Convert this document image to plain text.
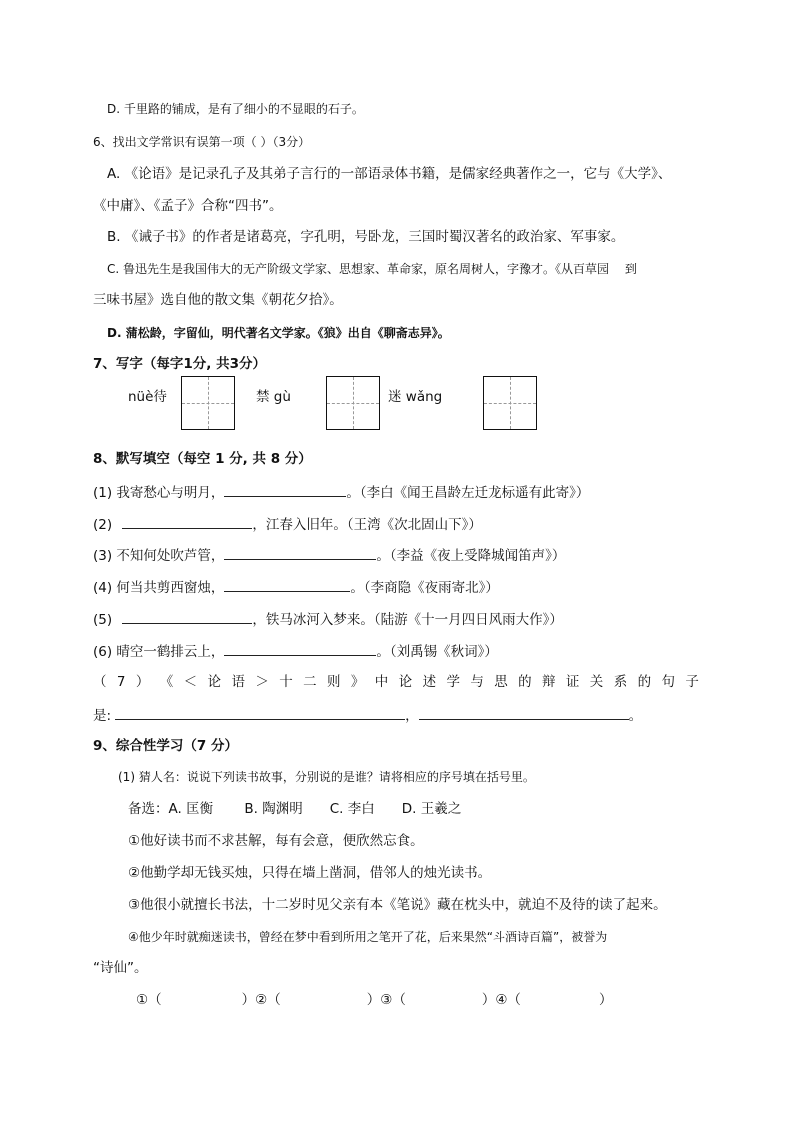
D. 千里路的铺成，是有了细小的不显眼的石子。
6、找出文学常识有误第一项（ ）（3分）
A. 《论语》是记录孔子及其弟子言行的一部语录体书籍，是儒家经典著作之一，它与《大学》、
《中庸》、《孟子》合称“四书”。
B. 《诫子书》的作者是诸葛亮，字孔明，号卧龙，三国时蜀汉著名的政治家、军事家。
C. 鲁迅先生是我国伟大的无产阶级文学家、思想家、革命家，原名周树人，字豫才。《从百草园　 到
三味书屋》选自他的散文集《朝花夕拾》。
D. 蒲松龄，字留仙，明代著名文学家。《狼》出自《聊斋志异》。
7、写字（每字1分, 共3分）
nüè待	禁 gù	迷 wǎng
8、默写填空（每空 1 分, 共 8 分）
(1) 我寄愁心与明月，	。（李白《闻王昌龄左迁龙标遥有此寄》）
(2)	，江春入旧年。（王湾《次北固山下》）
(3) 不知何处吹芦管，	。（李益《夜上受降城闻笛声》）
(4) 何当共剪西窗烛，	。（李商隐《夜雨寄北》）
(5)	，铁马冰河入梦来。（陆游《十一月四日风雨大作》）
(6) 晴空一鹤排云上，	。（刘禹锡《秋词》）
（ 7 ） 《 ＜ 论 语 ＞ 十 二 则 》 中 论 述 学 与 思 的 辩 证 关 系 的 句 子
是:	，	。
9、综合性学习（7 分）
(1) 猜人名：说说下列读书故事，分别说的是谁？请将相应的序号填在括号里。
备选：A. 匡衡　　 B. 陶渊明　　C. 李白　　D. 王羲之
①他好读书而不求甚解，每有会意，便欣然忘食。
②他勤学却无钱买烛，只得在墙上凿洞，借邻人的烛光读书。
③他很小就擅长书法，十二岁时见父亲有本《笔说》藏在枕头中，就迫不及待的读了起来。
④他少年时就痴迷读书，曾经在梦中看到所用之笔开了花，后来果然“斗酒诗百篇”，被誉为
“诗仙”。
①（	）②（	）③（	）④（	）
